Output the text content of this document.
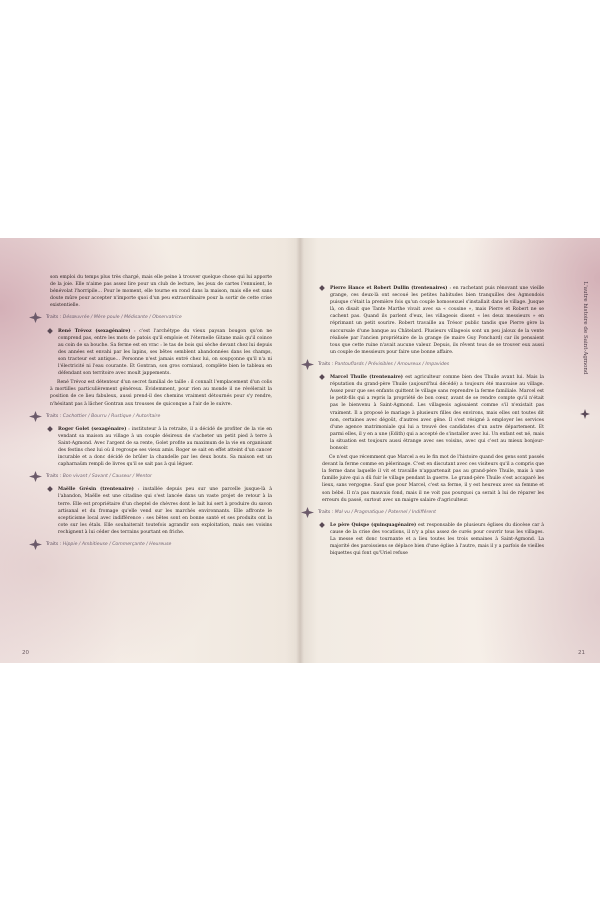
son emploi du temps plus très chargé, mais elle peine à trouver quelque chose qui lui apporte de la joie. Elle n'aime pas assez lire pour un club de lecture, les jeux de cartes l'ennuient, le bénévolat l'horripile… Pour le moment, elle tourne en rond dans la maison, mais elle est sans doute mûre pour accepter n'importe quoi d'un peu extraordinaire pour la sortir de cette crise existentielle.

Traits : Désœuvrée / Mère poule / Médisante / Observatrice
René Trévoz (sexagénaire) : c'est l'archétype du vieux paysan bougon qu'on ne comprend pas, entre les mots de patois qu'il emploie et l'éternelle Gitane maïs qu'il coince au coin de sa bouche. Sa ferme est en vrac : le tas de bois qui sèche devant chez lui depuis des années est envahi par les lapins, ses bêtes semblent abandonnées dans les champs, son tracteur est antique… Personne n'est jamais entré chez lui, on soupçonne qu'il n'a ni l'électricité ni l'eau courante. Et Gontran, son gros corniaud, complète bien le tableau en défendant son territoire avec moult jappements.

René Trévoz est détenteur d'un secret familial de taille : il connaît l'emplacement d'un colis à mortilles particulièrement généreux. Évidemment, pour rien au monde il ne révélerait la position de ce lieu fabuleux, aussi prend-il des chemins vraiment détournés pour s'y rendre, n'hésitant pas à lâcher Gontran aux trousses de quiconque a l'air de le suivre.

Traits : Cachottier / Bourru / Rustique / Autoritaire
Roger Golet (sexagénaire) : instituteur à la retraite, il a décidé de profiter de la vie en vendant sa maison au village à un couple désireux de s'acheter un petit pied à terre à Saint-Agmond. Avec l'argent de sa rente, Golet profite au maximum de la vie en organisant des festins chez lui où il regroupe ses vieux amis. Roger se sait en effet atteint d'un cancer incurable et a donc décidé de brûler la chandelle par les deux bouts. Sa maison est un capharnaüm rempli de livres qu'il se sait pas à qui léguer.
Traits : Bon vivant / Savant / Causeur / Mentor
Maëlle Grésin (trentenaire) : installée depuis peu sur une parcelle jusque-là à l'abandon, Maëlle est une citadine qui s'est lancée dans un vaste projet de retour à la terre. Elle est propriétaire d'un cheptel de chèvres dont le lait lui sert à produire du savon artisanal et du fromage qu'elle vend sur les marchés environnants. Elle affronte le scepticisme local avec indifférence : ses bêtes sont en bonne santé et ses produits ont la cote sur les étals. Elle souhaiterait toutefois agrandir son exploitation, mais ses voisins rechignent à lui céder des terrains pourtant en friche.
Traits : Hippie / Ambitieuse / Commerçante / Heureuse
20
Pierre Hance et Robert Dullin (trentenaires) : en rachetant puis rénovant une vieille grange, ces deux-là ont secoué les petites habitudes bien tranquilles des Agmondois puisque c'était la première fois qu'un couple homosexuel s'installait dans le village. Jusque là, on disait que Tante Marthe vivait avec sa « cousine », mais Pierre et Robert ne se cachent pas. Quand ils parlent d'eux, les villageois disent « les deux messieurs » en réprimant un petit sourire. Robert travaille au Trésor public tandis que Pierre gère la succursale d'une banque au Châtelard. Plusieurs villageois sont un peu jaloux de la vente réalisée par l'ancien propriétaire de la grange (le maire Guy Ponchard) car ils pensaient tous que cette ruine n'avait aucune valeur. Depuis, ils rêvent tous de se trouver eux aussi un couple de messieurs pour faire une bonne affaire.
Traits : Pantouflards / Prévisibles / Amoureux / Impavides
Marcel Thuile (trentenaire) est agriculteur comme bien des Thuile avant lui. Mais la réputation du grand-père Thuile (aujourd'hui décédé) a toujours été mauvaise au village. Assez pour que ses enfants quittent le village sans reprendre la ferme familiale. Marcel est le petit-fils qui a repris la propriété de bon cœur, avant de se rendre compte qu'il n'était pas le bienvenu à Saint-Agmond. Les villageois agissaient comme s'il n'existait pas vraiment. Il a proposé le mariage à plusieurs filles des environs, mais elles ont toutes dit non, certaines avec dégoût, d'autres avec gêne. Il s'est résigné à employer les services d'une agence matrimoniale qui lui a trouvé des candidates d'un autre département. Et parmi elles, il y en a une (Edith) qui a accepté de s'installer avec lui. Un enfant est né, mais la situation est toujours aussi étrange avec ses voisins, avec qui c'est au mieux bonjour-bonsoir.

Ce n'est que récemment que Marcel a eu le fin mot de l'histoire quand des gens sont passés devant la ferme comme en pèlerinage. C'est en discutant avec ces visiteurs qu'il a compris que la ferme dans laquelle il vit et travaille n'appartenait pas au grand-père Thuile, mais à une famille juive qui a dû fuir le village pendant la guerre. Le grand-père Thuile s'est accaparé les lieux, sans vergogne. Sauf que pour Marcel, c'est sa ferme, il y est heureux avec sa femme et son bébé. Il n'a pas mauvais fond, mais il ne voit pas pourquoi ça serait à lui de réparer les erreurs du passé, surtout avec un maigre salaire d'agriculteur.

Traits : Mal vu / Pragmatique / Paternel / Indifférent
Le père Quispe (quinquagénaire) est responsable de plusieurs églises du diocèse car à cause de la crise des vocations, il n'y a plus assez de curés pour couvrir tous les villages. La messe est donc tournante et a lieu toutes les trois semaines à Saint-Agmond. La majorité des paroissiens se déplace bien d'une église à l'autre, mais il y a parfois de vieilles biquettes qui font qu'Uriel refuse
L'autre histoire de Saint-Agmond
21
